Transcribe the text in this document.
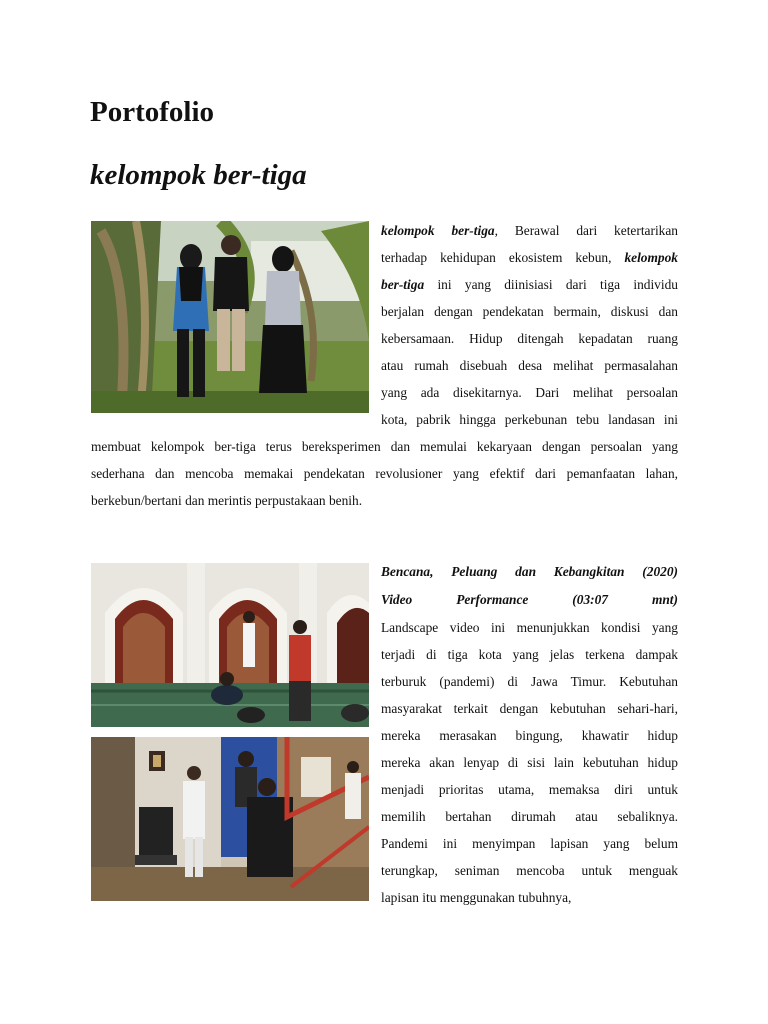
Portofolio
kelompok ber-tiga
kelompok ber-tiga, Berawal dari ketertarikan
terhadap kehidupan ekosistem kebun, kelompok
ber-tiga ini yang diinisiasi dari tiga individu
berjalan dengan pendekatan bermain, diskusi dan
kebersamaan. Hidup ditengah kepadatan ruang
atau rumah disebuah desa melihat permasalahan
yang ada disekitarnya. Dari melihat persoalan
kota, pabrik hingga perkebunan tebu landasan ini
membuat kelompok ber-tiga terus bereksperimen dan memulai kekaryaan dengan persoalan yang
sederhana dan mencoba memakai pendekatan revolusioner yang efektif dari pemanfaatan lahan,
berkebun/bertani dan merintis perpustakaan benih.
Bencana, Peluang dan Kebangkitan (2020)
Video Performance (03:07 mnt)
Landscape video ini menunjukkan kondisi yang
terjadi di tiga kota yang jelas terkena dampak
terburuk (pandemi) di Jawa Timur. Kebutuhan
masyarakat terkait dengan kebutuhan sehari-hari,
mereka merasakan bingung, khawatir hidup
mereka akan lenyap di sisi lain kebutuhan hidup
menjadi prioritas utama, memaksa diri untuk
memilih bertahan dirumah atau sebaliknya.
Pandemi ini menyimpan lapisan yang belum
terungkap, seniman mencoba untuk menguak
lapisan itu menggunakan tubuhnya,
